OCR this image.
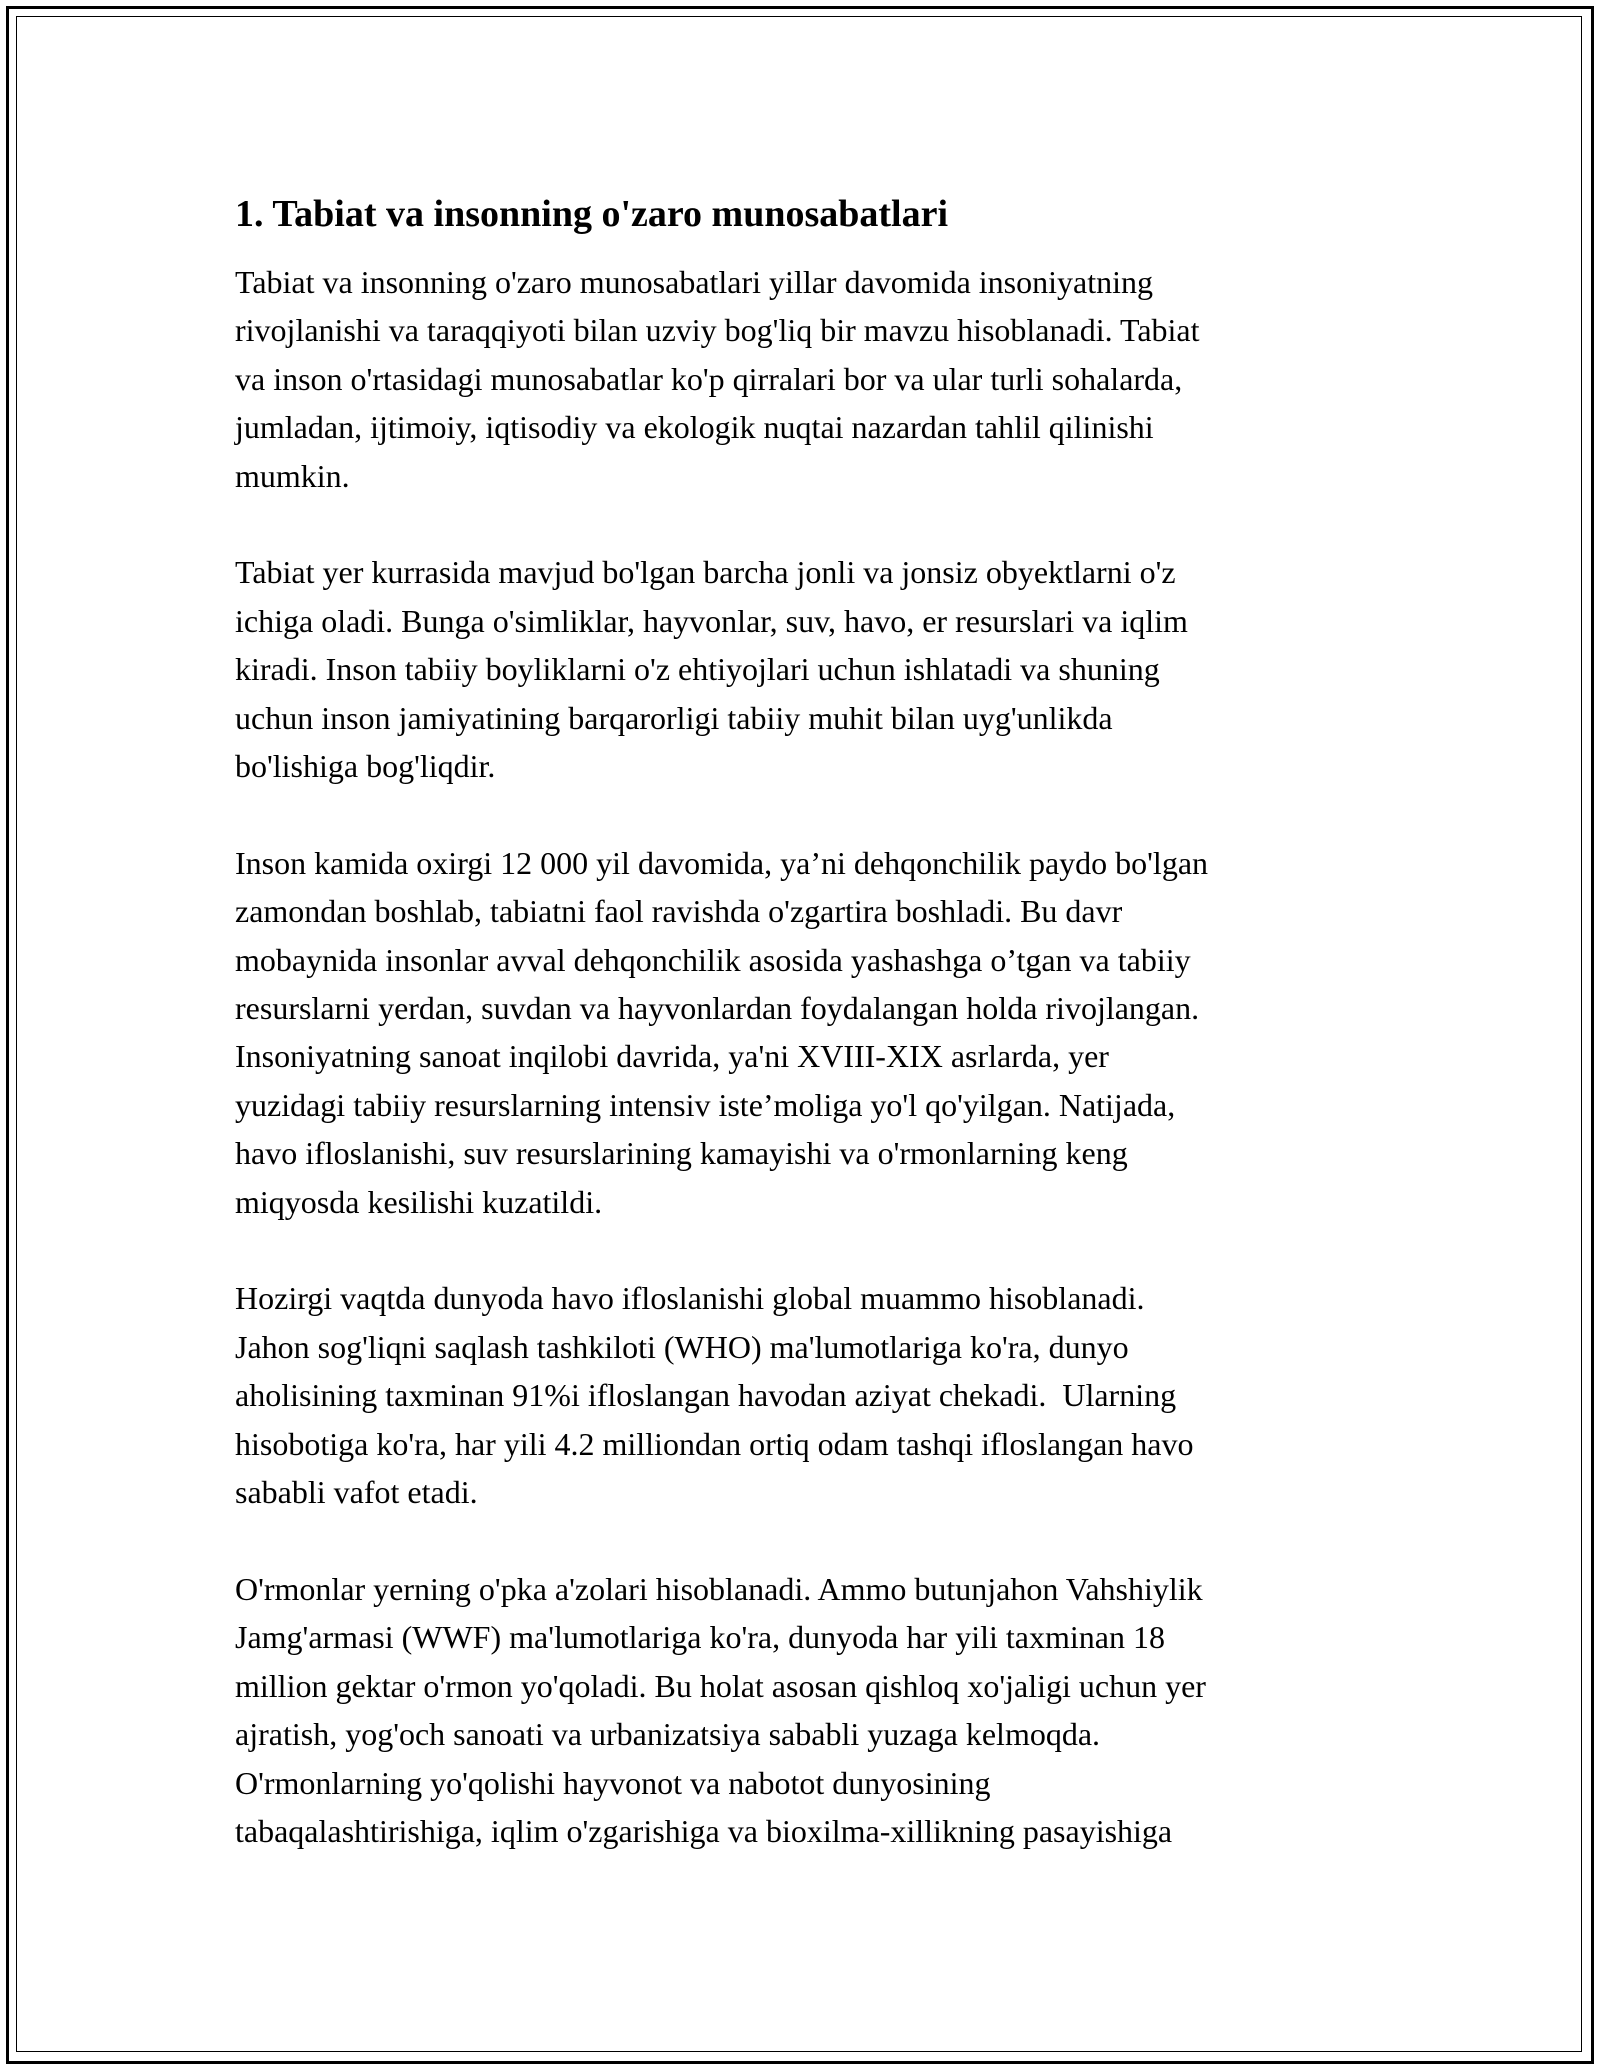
1. Tabiat va insonning o'zaro munosabatlari

Tabiat va insonning o'zaro munosabatlari yillar davomida insoniyatning
rivojlanishi va taraqqiyoti bilan uzviy bog'liq bir mavzu hisoblanadi. Tabiat
va inson o'rtasidagi munosabatlar ko'p qirralari bor va ular turli sohalarda,
jumladan, ijtimoiy, iqtisodiy va ekologik nuqtai nazardan tahlil qilinishi
mumkin.

Tabiat yer kurrasida mavjud bo'lgan barcha jonli va jonsiz obyektlarni o'z
ichiga oladi. Bunga o'simliklar, hayvonlar, suv, havo, er resurslari va iqlim
kiradi. Inson tabiiy boyliklarni o'z ehtiyojlari uchun ishlatadi va shuning
uchun inson jamiyatining barqarorligi tabiiy muhit bilan uyg'unlikda
bo'lishiga bog'liqdir.

Inson kamida oxirgi 12 000 yil davomida, ya’ni dehqonchilik paydo bo'lgan
zamondan boshlab, tabiatni faol ravishda o'zgartira boshladi. Bu davr
mobaynida insonlar avval dehqonchilik asosida yashashga o’tgan va tabiiy
resurslarni yerdan, suvdan va hayvonlardan foydalangan holda rivojlangan.
Insoniyatning sanoat inqilobi davrida, ya'ni XVIII-XIX asrlarda, yer
yuzidagi tabiiy resurslarning intensiv iste’moliga yo'l qo'yilgan. Natijada,
havo ifloslanishi, suv resurslarining kamayishi va o'rmonlarning keng
miqyosda kesilishi kuzatildi.

Hozirgi vaqtda dunyoda havo ifloslanishi global muammo hisoblanadi.
Jahon sog'liqni saqlash tashkiloti (WHO) ma'lumotlariga ko'ra, dunyo
aholisining taxminan 91%i ifloslangan havodan aziyat chekadi.  Ularning
hisobotiga ko'ra, har yili 4.2 milliondan ortiq odam tashqi ifloslangan havo
sababli vafot etadi.

O'rmonlar yerning o'pka a'zolari hisoblanadi. Ammo butunjahon Vahshiylik
Jamg'armasi (WWF) ma'lumotlariga ko'ra, dunyoda har yili taxminan 18
million gektar o'rmon yo'qoladi. Bu holat asosan qishloq xo'jaligi uchun yer
ajratish, yog'och sanoati va urbanizatsiya sababli yuzaga kelmoqda.
O'rmonlarning yo'qolishi hayvonot va nabotot dunyosining
tabaqalashtirishiga, iqlim o'zgarishiga va bioxilma-xillikning pasayishiga
